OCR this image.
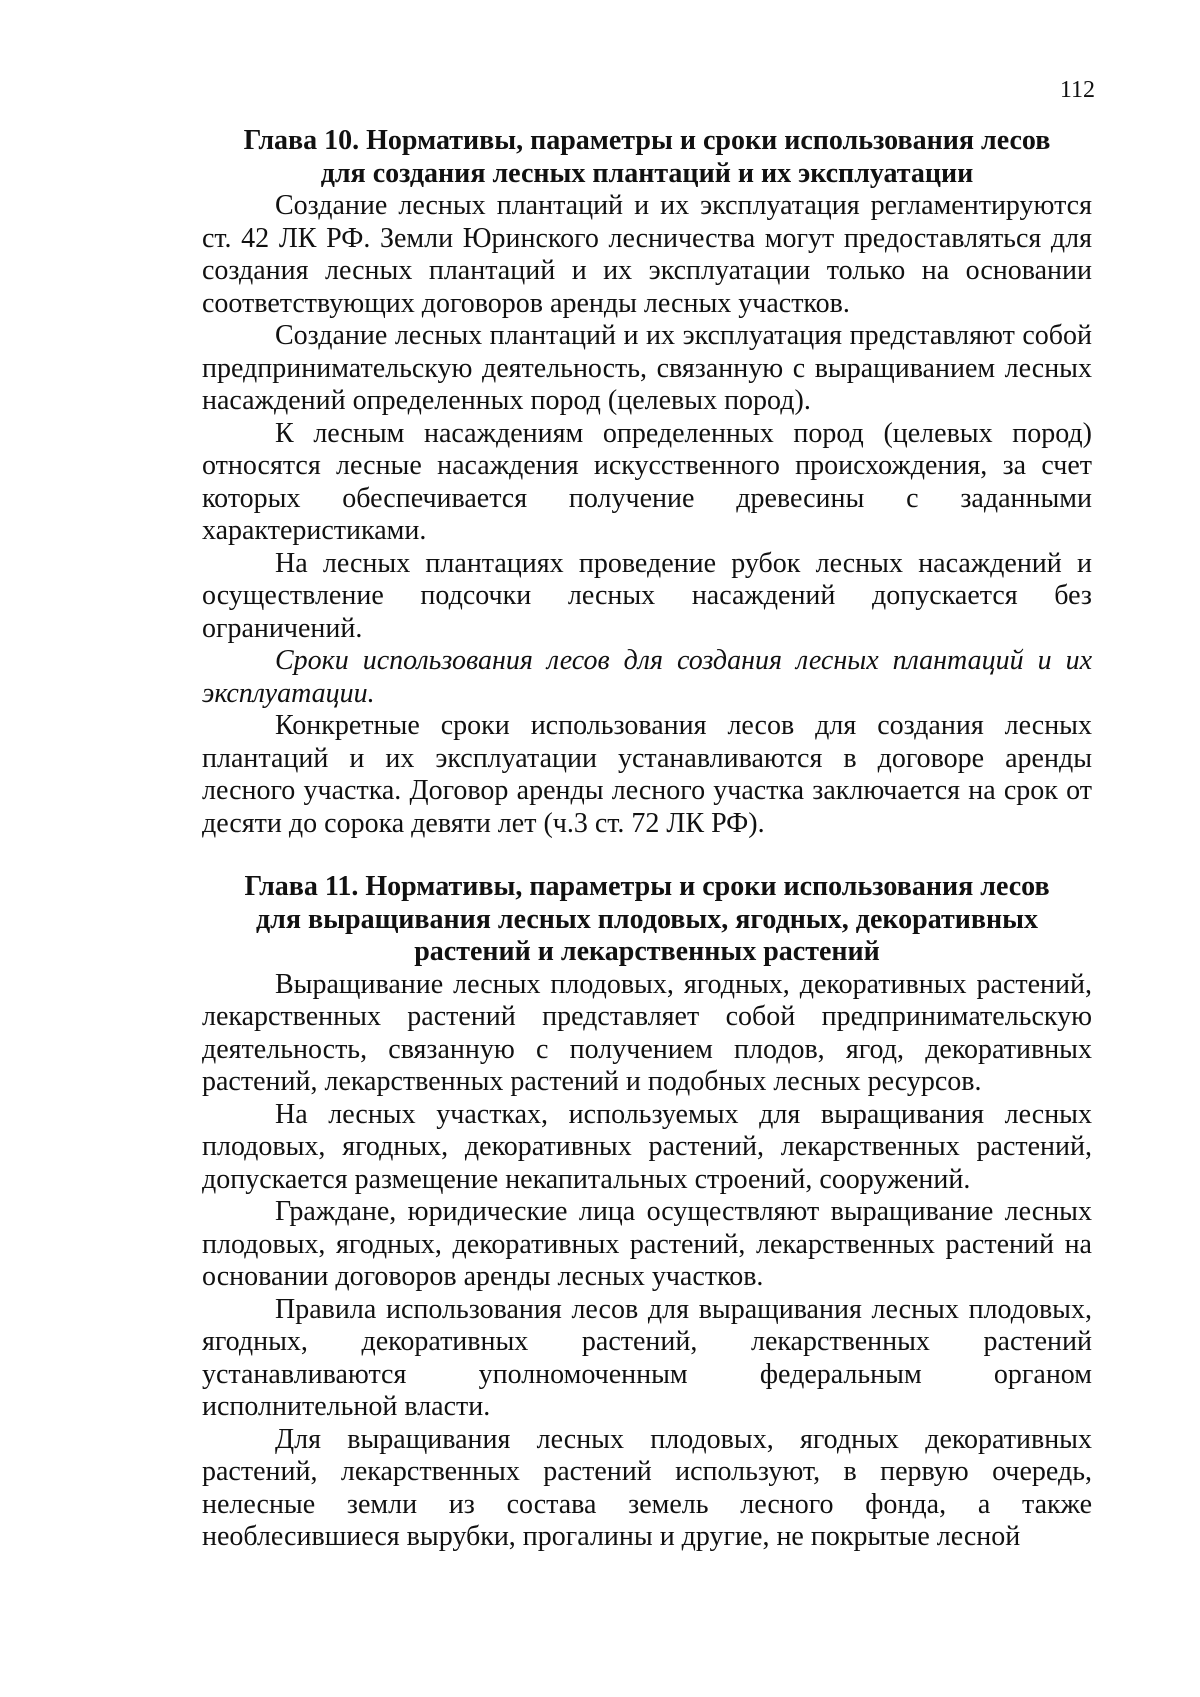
112

Глава 10. Нормативы, параметры и сроки использования лесов
для создания лесных плантаций и их эксплуатации

Создание лесных плантаций и их эксплуатация регламентируются ст. 42 ЛК РФ. Земли Юринского лесничества могут предоставляться для создания лесных плантаций и их эксплуатации только на основании соответствующих договоров аренды лесных участков.

Создание лесных плантаций и их эксплуатация представляют собой предпринимательскую деятельность, связанную с выращиванием лесных насаждений определенных пород (целевых пород).

К лесным насаждениям определенных пород (целевых пород) относятся лесные насаждения искусственного происхождения, за счет которых обеспечивается получение древесины с заданными характеристиками.

На лесных плантациях проведение рубок лесных насаждений и осуществление подсочки лесных насаждений допускается без ограничений.

Сроки использования лесов для создания лесных плантаций и их эксплуатации.

Конкретные сроки использования лесов для создания лесных плантаций и их эксплуатации устанавливаются в договоре аренды лесного участка. Договор аренды лесного участка заключается на срок от десяти до сорока девяти лет (ч.3 ст. 72 ЛК РФ).

Глава 11. Нормативы, параметры и сроки использования лесов
для выращивания лесных плодовых, ягодных, декоративных
растений и лекарственных растений

Выращивание лесных плодовых, ягодных, декоративных растений, лекарственных растений представляет собой предпринимательскую деятельность, связанную с получением плодов, ягод, декоративных растений, лекарственных растений и подобных лесных ресурсов.

На лесных участках, используемых для выращивания лесных плодовых, ягодных, декоративных растений, лекарственных растений, допускается размещение некапитальных строений, сооружений.

Граждане, юридические лица осуществляют выращивание лесных плодовых, ягодных, декоративных растений, лекарственных растений на основании договоров аренды лесных участков.

Правила использования лесов для выращивания лесных плодовых, ягодных, декоративных растений, лекарственных растений устанавливаются уполномоченным федеральным органом исполнительной власти.

Для выращивания лесных плодовых, ягодных декоративных растений, лекарственных растений используют, в первую очередь, нелесные земли из состава земель лесного фонда, а также необлесившиеся вырубки, прогалины и другие, не покрытые лесной
